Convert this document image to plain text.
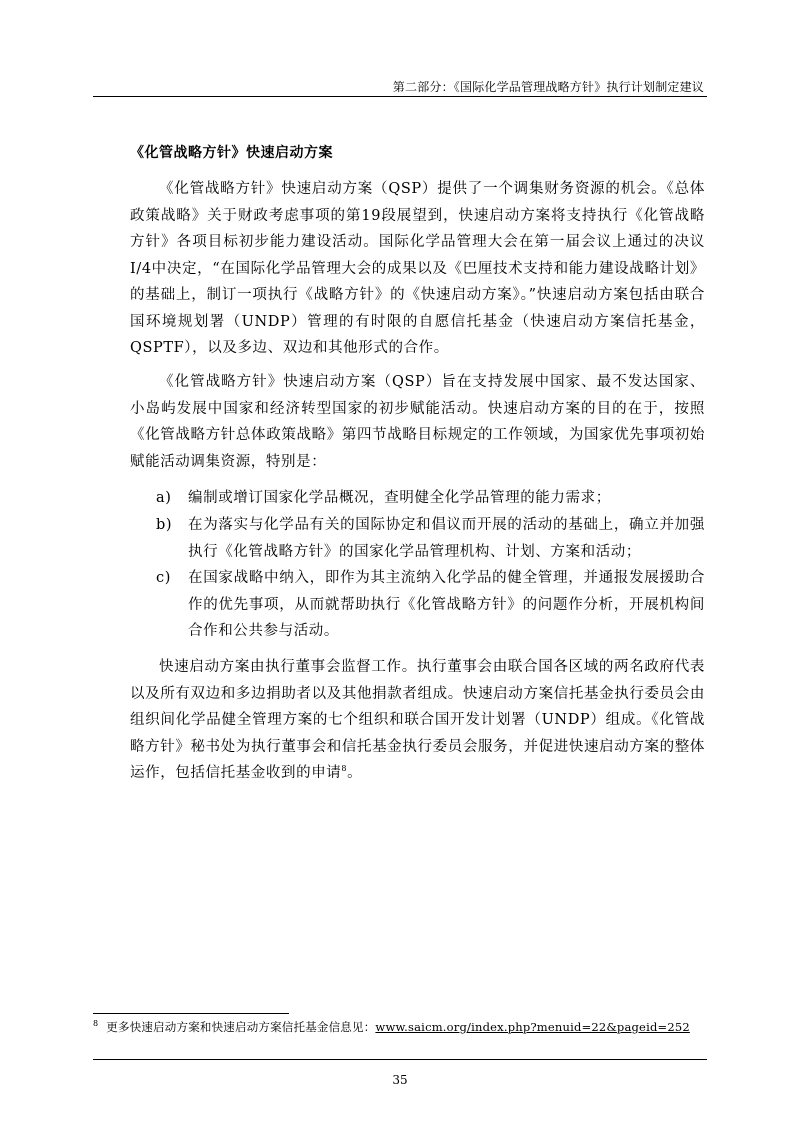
第二部分：《国际化学品管理战略方针》执行计划制定建议
《化管战略方针》快速启动方案

《化管战略方针》快速启动方案（QSP）提供了一个调集财务资源的机会。《总体政策战略》关于财政考虑事项的第19段展望到，快速启动方案将支持执行《化管战略方针》各项目标初步能力建设活动。国际化学品管理大会在第一届会议上通过的决议I/4中决定，“在国际化学品管理大会的成果以及《巴厘技术支持和能力建设战略计划》的基础上，制订一项执行《战略方针》的《快速启动方案》。”快速启动方案包括由联合国环境规划署（UNDP）管理的有时限的自愿信托基金（快速启动方案信托基金，QSPTF），以及多边、双边和其他形式的合作。

《化管战略方针》快速启动方案（QSP）旨在支持发展中国家、最不发达国家、小岛屿发展中国家和经济转型国家的初步赋能活动。快速启动方案的目的在于，按照《化管战略方针总体政策战略》第四节战略目标规定的工作领域，为国家优先事项初始赋能活动调集资源，特别是：

a) 编制或增订国家化学品概况，查明健全化学品管理的能力需求；
b) 在为落实与化学品有关的国际协定和倡议而开展的活动的基础上，确立并加强执行《化管战略方针》的国家化学品管理机构、计划、方案和活动；
c) 在国家战略中纳入，即作为其主流纳入化学品的健全管理，并通报发展援助合作的优先事项，从而就帮助执行《化管战略方针》的问题作分析，开展机构间合作和公共参与活动。

快速启动方案由执行董事会监督工作。执行董事会由联合国各区域的两名政府代表以及所有双边和多边捐助者以及其他捐款者组成。快速启动方案信托基金执行委员会由组织间化学品健全管理方案的七个组织和联合国开发计划署（UNDP）组成。《化管战略方针》秘书处为执行董事会和信托基金执行委员会服务，并促进快速启动方案的整体运作，包括信托基金收到的申请$^8$。

$^8$ 更多快速启动方案和快速启动方案信托基金信息见：www.saicm.org/index.php?menuid=22&pageid=252
35
